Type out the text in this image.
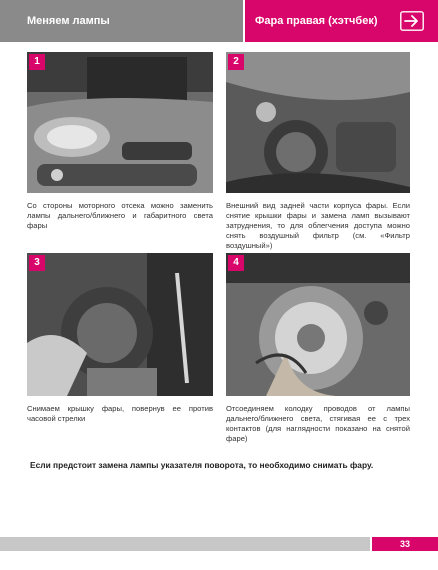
Меняем лампы	Фара правая (хэтчбек)
1	2
Со стороны моторного отсека можно заменить лампы дальнего/ближнего и габаритного света фары
Внешний вид задней части корпуса фары. Если снятие крышки фары и замена ламп вызывают затруднения, то для облегчения доступа можно снять воздушный фильтр (см. «Фильтр воздушный»)
3	4
Снимаем крышку фары, повернув ее против часовой стрелки
Отсоединяем колодку проводов от лампы дальнего/ближнего света, стягивая ее с трех контактов (для наглядности показано на снятой фаре)
Если предстоит замена лампы указателя поворота, то необходимо снимать фару.
33
